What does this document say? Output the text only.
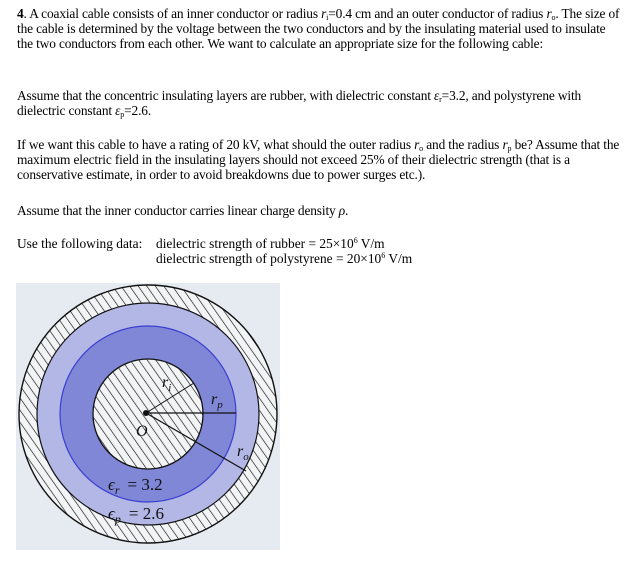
4. A coaxial cable consists of an inner conductor or radius $r_i=0.4$ cm and an outer conductor of radius $r_o$. The size of the cable is determined by the voltage between the two conductors and by the insulating material used to insulate the two conductors from each other. We want to calculate an appropriate size for the following cable:
Assume that the concentric insulating layers are rubber, with dielectric constant $\varepsilon_r=3.2$, and polystyrene with dielectric constant $\varepsilon_p=2.6$.
If we want this cable to have a rating of 20 kV, what should the outer radius $r_o$ and the radius $r_p$ be? Assume that the maximum electric field in the insulating layers should not exceed 25% of their dielectric strength (that is a conservative estimate, in order to avoid breakdowns due to power surges etc.).
Assume that the inner conductor carries linear charge density ρ.
Use the following data: dielectric strength of rubber = $25\times 10^6$ V/m
dielectric strength of polystyrene = $20\times 10^6$ V/m
$r_i$
$r_p$
$r_o$
O
$\epsilon_r = 3.2$
$\epsilon_p = 2.6$
